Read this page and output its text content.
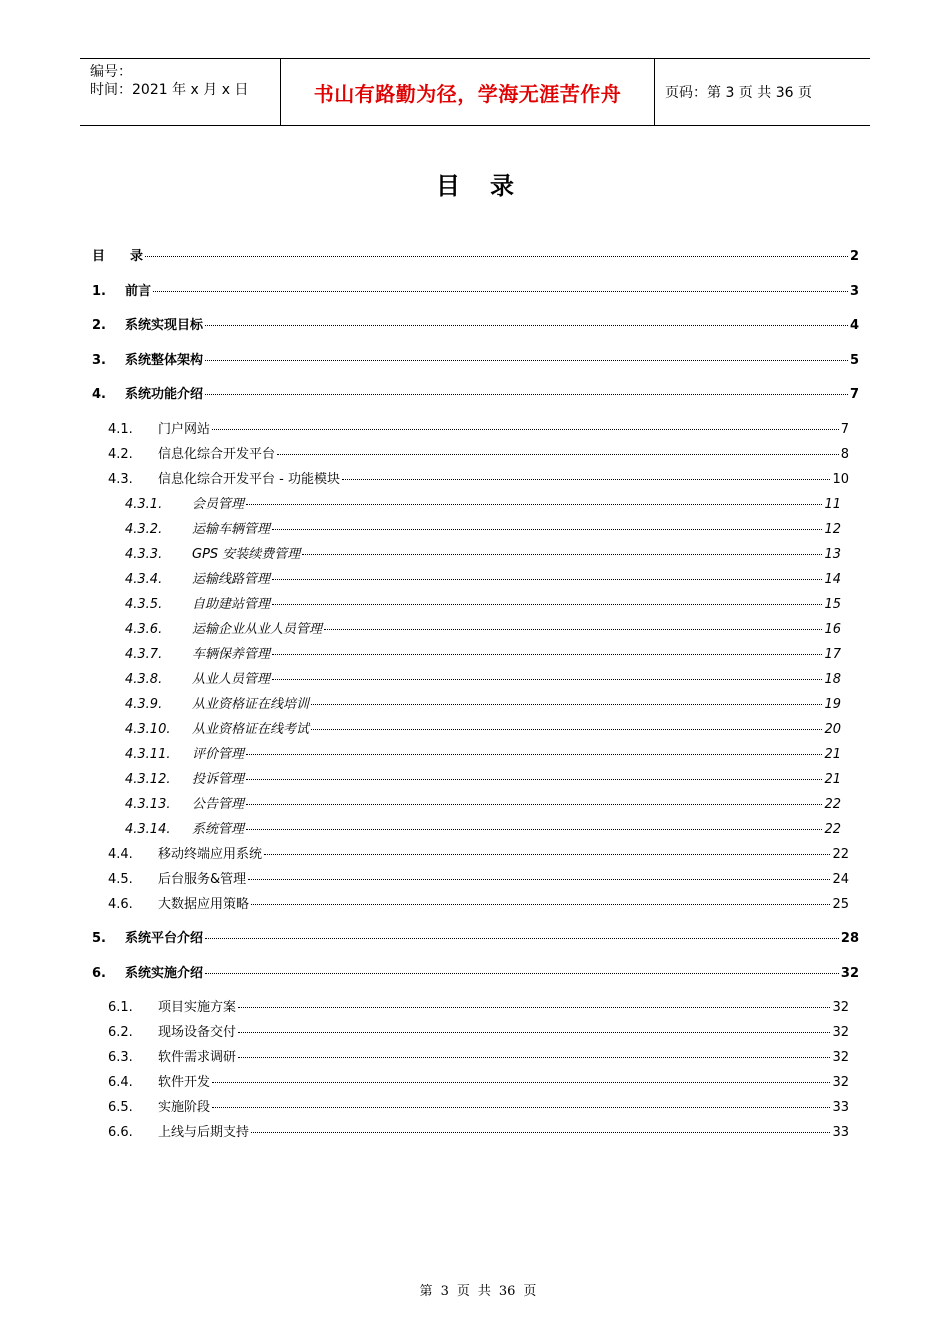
编号：
时间：2021 年 x 月 x 日	书山有路勤为径，学海无涯苦作舟	页码：第 3 页 共 36 页
目录
目	录	2
1.	前言	3
2.	系统实现目标	4
3.	系统整体架构	5
4.	系统功能介绍	7
4.1.	门户网站	7
4.2.	信息化综合开发平台	8
4.3.	信息化综合开发平台 - 功能模块	10
4.3.1.	会员管理	11
4.3.2.	运输车辆管理	12
4.3.3.	GPS 安装续费管理	13
4.3.4.	运输线路管理	14
4.3.5.	自助建站管理	15
4.3.6.	运输企业从业人员管理	16
4.3.7.	车辆保养管理	17
4.3.8.	从业人员管理	18
4.3.9.	从业资格证在线培训	19
4.3.10.	从业资格证在线考试	20
4.3.11.	评价管理	21
4.3.12.	投诉管理	21
4.3.13.	公告管理	22
4.3.14.	系统管理	22
4.4.	移动终端应用系统	22
4.5.	后台服务&管理	24
4.6.	大数据应用策略	25
5.	系统平台介绍	28
6.	系统实施介绍	32
6.1.	项目实施方案	32
6.2.	现场设备交付	32
6.3.	软件需求调研	32
6.4.	软件开发	32
6.5.	实施阶段	33
6.6.	上线与后期支持	33
第 3 页 共 36 页
